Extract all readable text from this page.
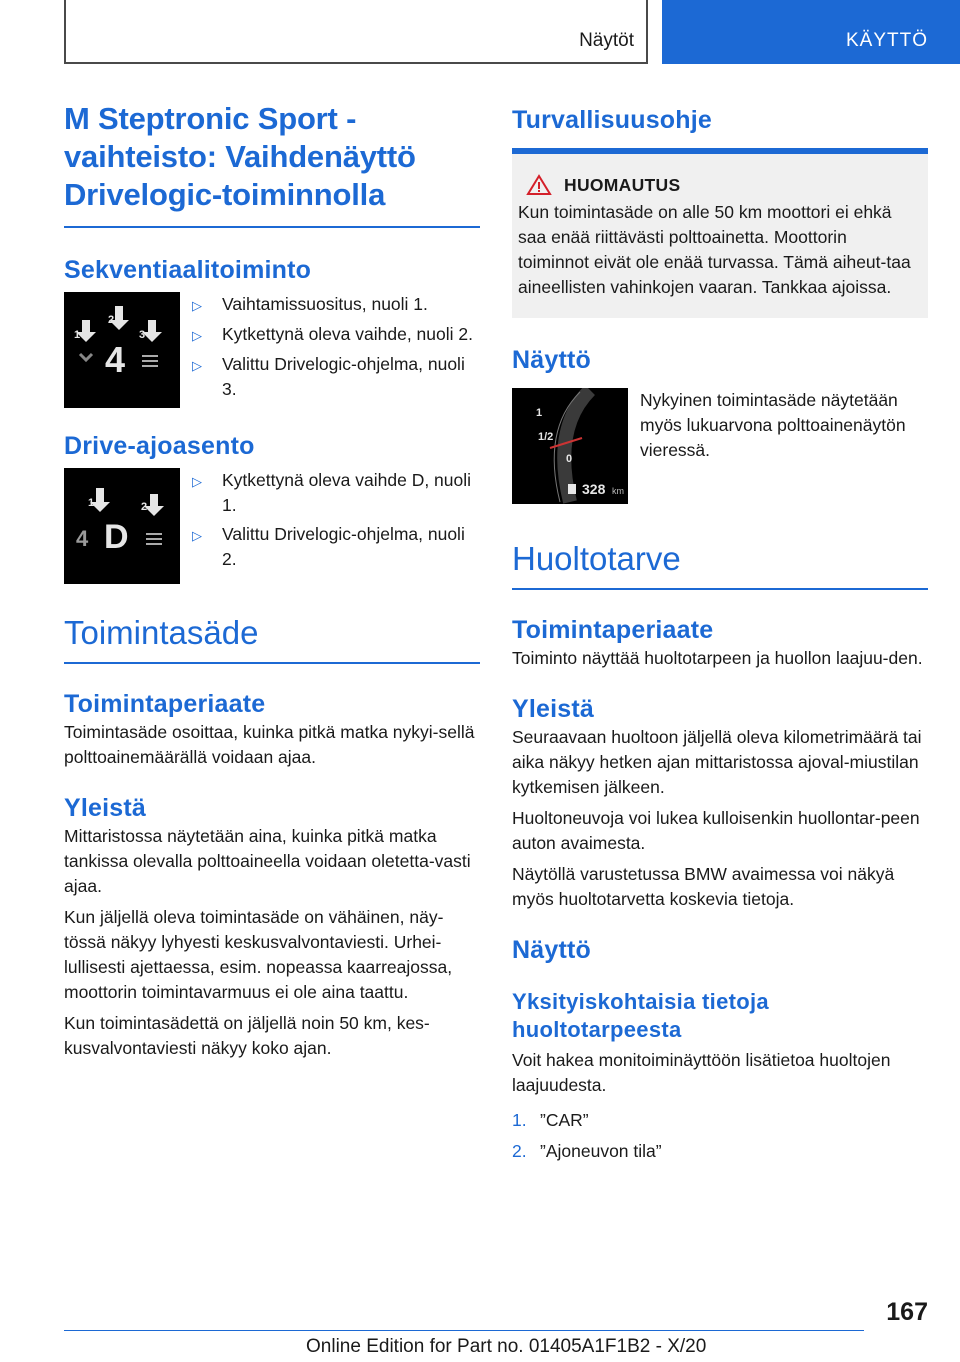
Näytöt	KÄYTTÖ
M Steptronic Sport -vaihteisto: Vaihdenäyttö Drivelogic-toiminnolla
Sekventiaalitoiminto
1
2
3
4
▷	Vaihtamissuositus, nuoli 1.
▷	Kytkettynä oleva vaihde, nuoli 2.
▷	Valittu Drivelogic-ohjelma, nuoli 3.
Drive-ajoasento
1	2
4 D
▷	Kytkettynä oleva vaihde D, nuoli 1.
▷	Valittu Drivelogic-ohjelma, nuoli 2.
Toimintasäde
Toimintaperiaate

Toimintasäde osoittaa, kuinka pitkä matka nykyi-sellä polttoainemäärällä voidaan ajaa.

Yleistä

Mittaristossa näytetään aina, kuinka pitkä matka tankissa olevalla polttoaineella voidaan oletetta-vasti ajaa.

Kun jäljellä oleva toimintasäde on vähäinen, näy-tössä näkyy lyhyesti keskusvalvontaviesti. Urhei-lullisesti ajettaessa, esim. nopeassa kaarreajossa, moottorin toimintavarmuus ei ole aina taattu.

Kun toimintasädettä on jäljellä noin 50 km, kes-kusvalvontaviesti näkyy koko ajan.

Turvallisuusohje
HUOMAUTUS

Kun toimintasäde on alle 50 km moottori ei ehkä saa enää riittävästi polttoainetta. Moottorin toiminnot eivät ole enää turvassa. Tämä aiheut-taa aineellisten vahinkojen vaaran. Tankkaa ajoissa.

Näyttö
1
1/2
0
328 km

Nykyinen toimintasäde näytetään myös lukuarvona polttoainenäytön vieressä.

Huoltotarve
Toimintaperiaate

Toiminto näyttää huoltotarpeen ja huollon laajuu-den.

Yleistä

Seuraavaan huoltoon jäljellä oleva kilometrimäärä tai aika näkyy hetken ajan mittaristossa ajoval-miustilan kytkemisen jälkeen.

Huoltoneuvoja voi lukea kulloisenkin huollontar-peen auton avaimesta.

Näytöllä varustetussa BMW avaimessa voi näkyä myös huoltotarvetta koskevia tietoja.

Näyttö
Yksityiskohtaisia tietoja huoltotarpeesta

Voit hakea monitoiminäyttöön lisätietoa huoltojen laajuudesta.

1. ”CAR”
2. ”Ajoneuvon tila”
167
Online Edition for Part no. 01405A1F1B2 - X/20
